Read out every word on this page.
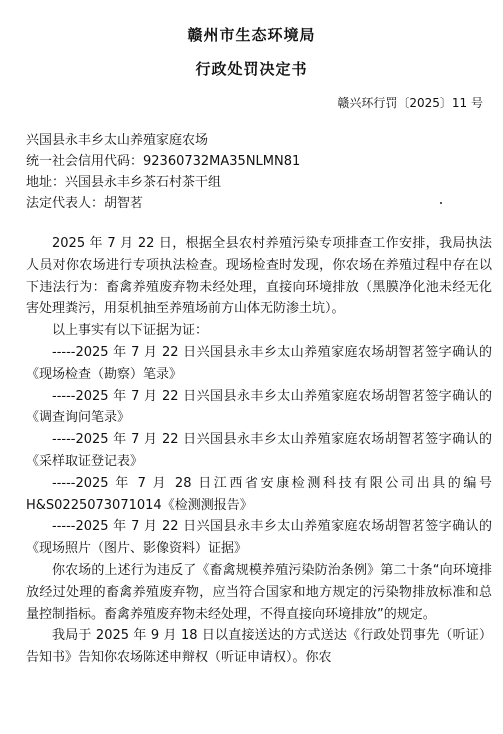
赣州市生态环境局
行政处罚决定书
赣兴环行罚〔2025〕11 号
兴国县永丰乡太山养殖家庭农场
统一社会信用代码：92360732MA35NLMN81
地址：兴国县永丰乡茶石村茶干组
法定代表人：胡智茗

2025 年 7 月 22 日，根据全县农村养殖污染专项排查工作安排，我局执法人员对你农场进行专项执法检查。现场检查时发现，你农场在养殖过程中存在以下违法行为：畜禽养殖废弃物未经处理，直接向环境排放（黑膜净化池未经无化害处理粪污，用泵机抽至养殖场前方山体无防渗土坑）。

以上事实有以下证据为证：

-----2025 年 7 月 22 日兴国县永丰乡太山养殖家庭农场胡智茗签字确认的《现场检查（勘察）笔录》

-----2025 年 7 月 22 日兴国县永丰乡太山养殖家庭农场胡智茗签字确认的《调查询问笔录》

-----2025 年 7 月 22 日兴国县永丰乡太山养殖家庭农场胡智茗签字确认的《采样取证登记表》

-----2025 年 7 月 28 日江西省安康检测科技有限公司出具的编号 H&S0225073071014《检测测报告》

-----2025 年 7 月 22 日兴国县永丰乡太山养殖家庭农场胡智茗签字确认的《现场照片（图片、影像资料）证据》

你农场的上述行为违反了《畜禽规模养殖污染防治条例》第二十条“向环境排放经过处理的畜禽养殖废弃物，应当符合国家和地方规定的污染物排放标准和总量控制指标。畜禽养殖废弃物未经处理，不得直接向环境排放”的规定。

我局于 2025 年 9 月 18 日以直接送达的方式送达《行政处罚事先（听证）告知书》告知你农场陈述申辩权（听证申请权）。你农
